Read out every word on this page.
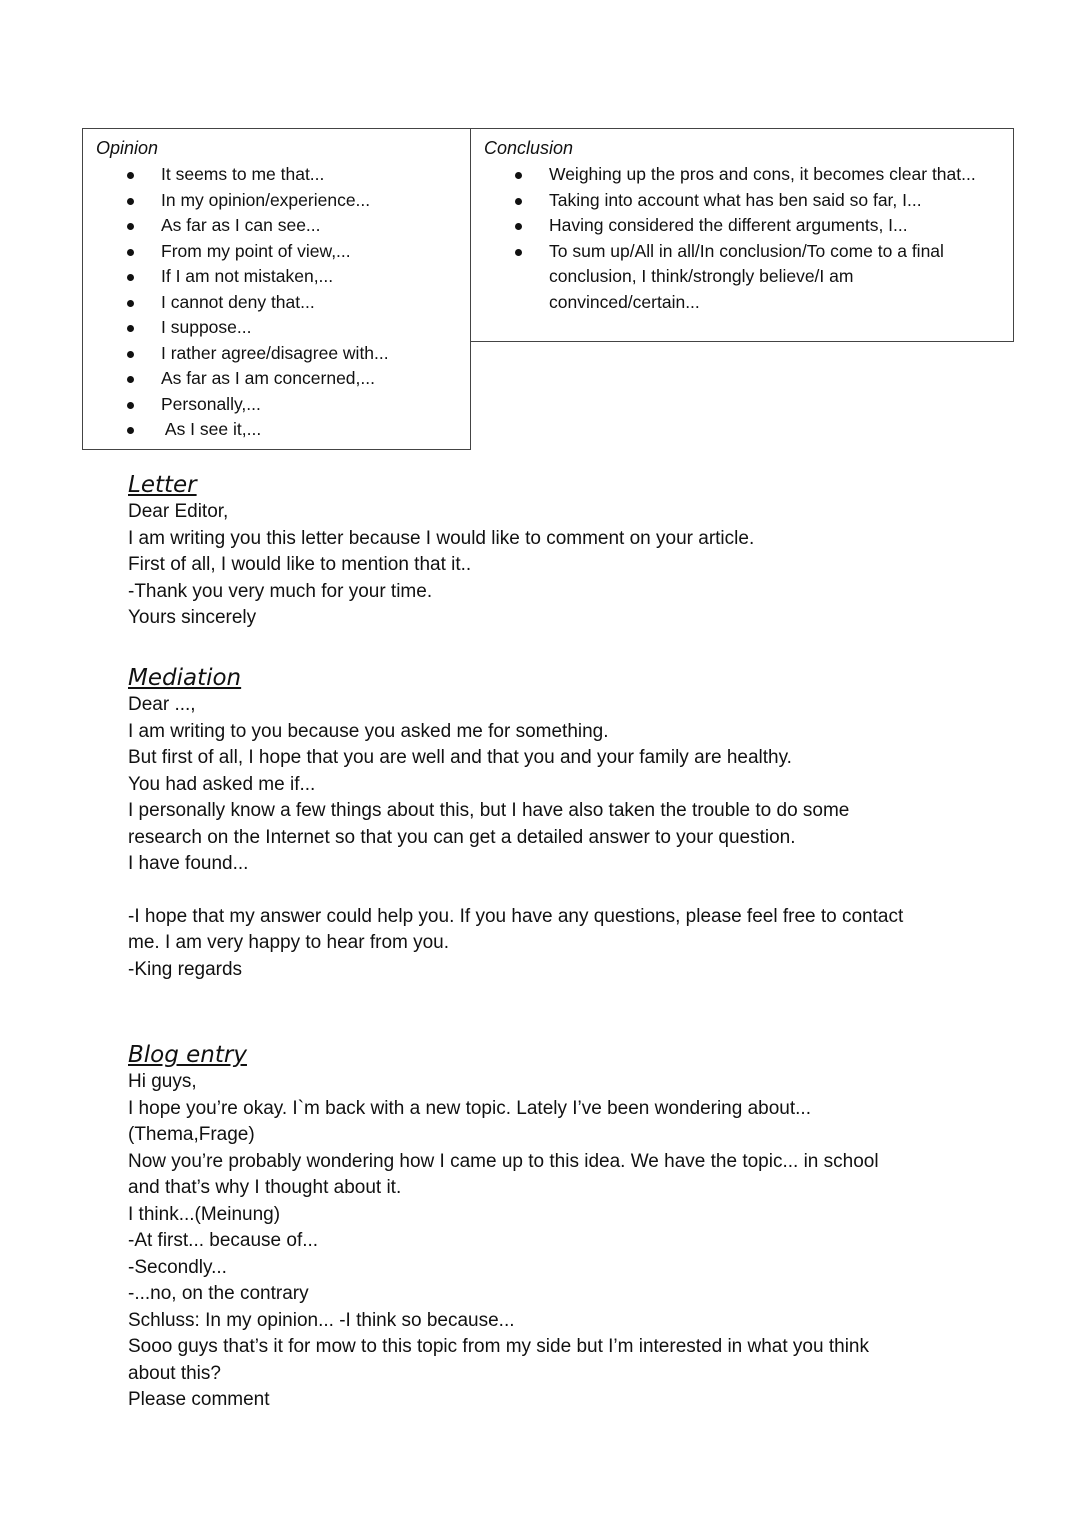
Opinion
It seems to me that...
In my opinion/experience...
As far as I can see...
From my point of view,...
If I am not mistaken,...
I cannot deny that...
I suppose...
I rather agree/disagree with...
As far as I am concerned,...
Personally,...
As I see it,...
Conclusion
Weighing up the pros and cons, it becomes clear that...
Taking into account what has ben said so far, I...
Having considered the different arguments, I...
To sum up/All in all/In conclusion/To come to a final conclusion, I think/strongly believe/I am convinced/certain...

Letter

Dear Editor,

I am writing you this letter because I would like to comment on your article.

First of all, I would like to mention that it..

-Thank you very much for your time.

Yours sincerely

Mediation

Dear ...,

I am writing to you because you asked me for something.

But first of all, I hope that you are well and that you and your family are healthy.

You had asked me if...

I personally know a few things about this, but I have also taken the trouble to do some

research on the Internet so that you can get a detailed answer to your question.

I have found...

-I hope that my answer could help you. If you have any questions, please feel free to contact

me. I am very happy to hear from you.

-King regards

Blog entry

Hi guys,

I hope you’re okay. I`m back with a new topic. Lately I’ve been wondering about...

(Thema,Frage)

Now you’re probably wondering how I came up to this idea. We have the topic... in school

and that’s why I thought about it.

I think...(Meinung)

-At first... because of...

-Secondly...

-...no, on the contrary

Schluss: In my opinion... -I think so because...

Sooo guys that’s it for mow to this topic from my side but I’m interested in what you think

about this?

Please comment
